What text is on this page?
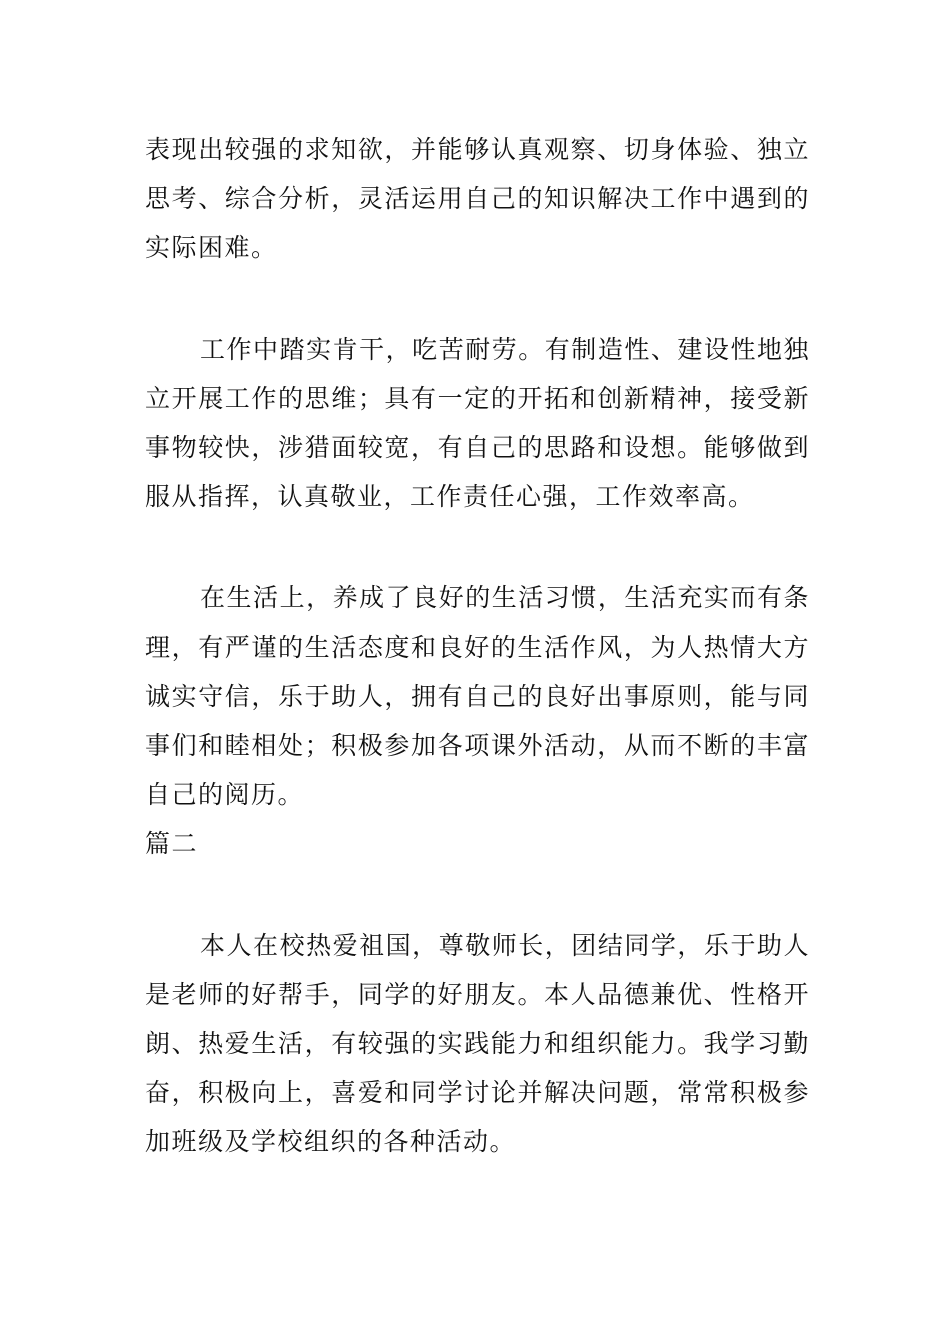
表现出较强的求知欲，并能够认真观察、切身体验、独立思考、综合分析，灵活运用自己的知识解决工作中遇到的实际困难。

工作中踏实肯干，吃苦耐劳。有制造性、建设性地独立开展工作的思维；具有一定的开拓和创新精神，接受新事物较快，涉猎面较宽，有自己的思路和设想。能够做到服从指挥，认真敬业，工作责任心强，工作效率高。

在生活上，养成了良好的生活习惯，生活充实而有条理，有严谨的生活态度和良好的生活作风，为人热情大方诚实守信，乐于助人，拥有自己的良好出事原则，能与同事们和睦相处；积极参加各项课外活动，从而不断的丰富自己的阅历。

篇二

本人在校热爱祖国，尊敬师长，团结同学，乐于助人是老师的好帮手，同学的好朋友。本人品德兼优、性格开朗、热爱生活，有较强的实践能力和组织能力。我学习勤奋，积极向上，喜爱和同学讨论并解决问题，常常积极参加班级及学校组织的各种活动。
